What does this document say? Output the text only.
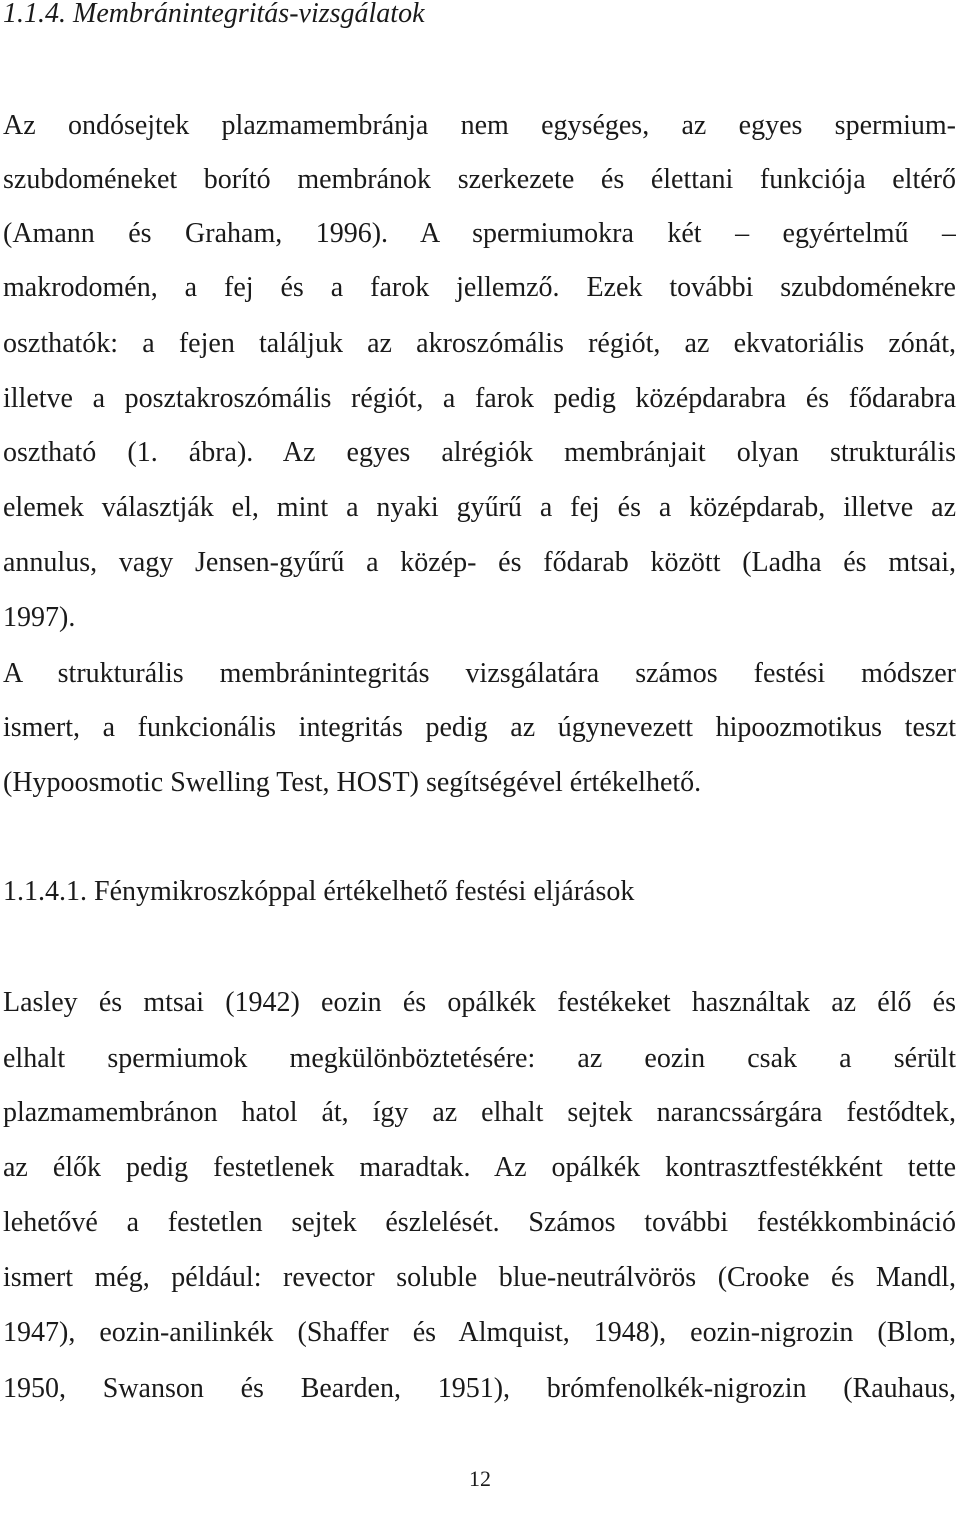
1.1.4. Membránintegritás-vizsgálatok
Az ondósejtek plazmamembránja nem egységes, az egyes spermium-
szubdoméneket borító membránok szerkezete és élettani funkciója eltérő
(Amann és Graham, 1996). A spermiumokra két – egyértelmű –
makrodomén, a fej és a farok jellemző. Ezek további szubdoménekre
oszthatók: a fejen találjuk az akroszómális régiót, az ekvatoriális zónát,
illetve a posztakroszómális régiót, a farok pedig középdarabra és fődarabra
osztható (1. ábra). Az egyes alrégiók membránjait olyan strukturális
elemek választják el, mint a nyaki gyűrű a fej és a középdarab, illetve az
annulus, vagy Jensen-gyűrű a közép- és fődarab között (Ladha és mtsai,
1997).
A strukturális membránintegritás vizsgálatára számos festési módszer
ismert, a funkcionális integritás pedig az úgynevezett hipoozmotikus teszt
(Hypoosmotic Swelling Test, HOST) segítségével értékelhető.
1.1.4.1. Fénymikroszkóppal értékelhető festési eljárások
Lasley és mtsai (1942) eozin és opálkék festékeket használtak az élő és
elhalt spermiumok megkülönböztetésére: az eozin csak a sérült
plazmamembránon hatol át, így az elhalt sejtek narancssárgára festődtek,
az élők pedig festetlenek maradtak. Az opálkék kontrasztfestékként tette
lehetővé a festetlen sejtek észlelését. Számos további festékkombináció
ismert még, például: revector soluble blue-neutrálvörös (Crooke és Mandl,
1947), eozin-anilinkék (Shaffer és Almquist, 1948), eozin-nigrozin (Blom,
1950, Swanson és Bearden, 1951), brómfenolkék-nigrozin (Rauhaus,
12
